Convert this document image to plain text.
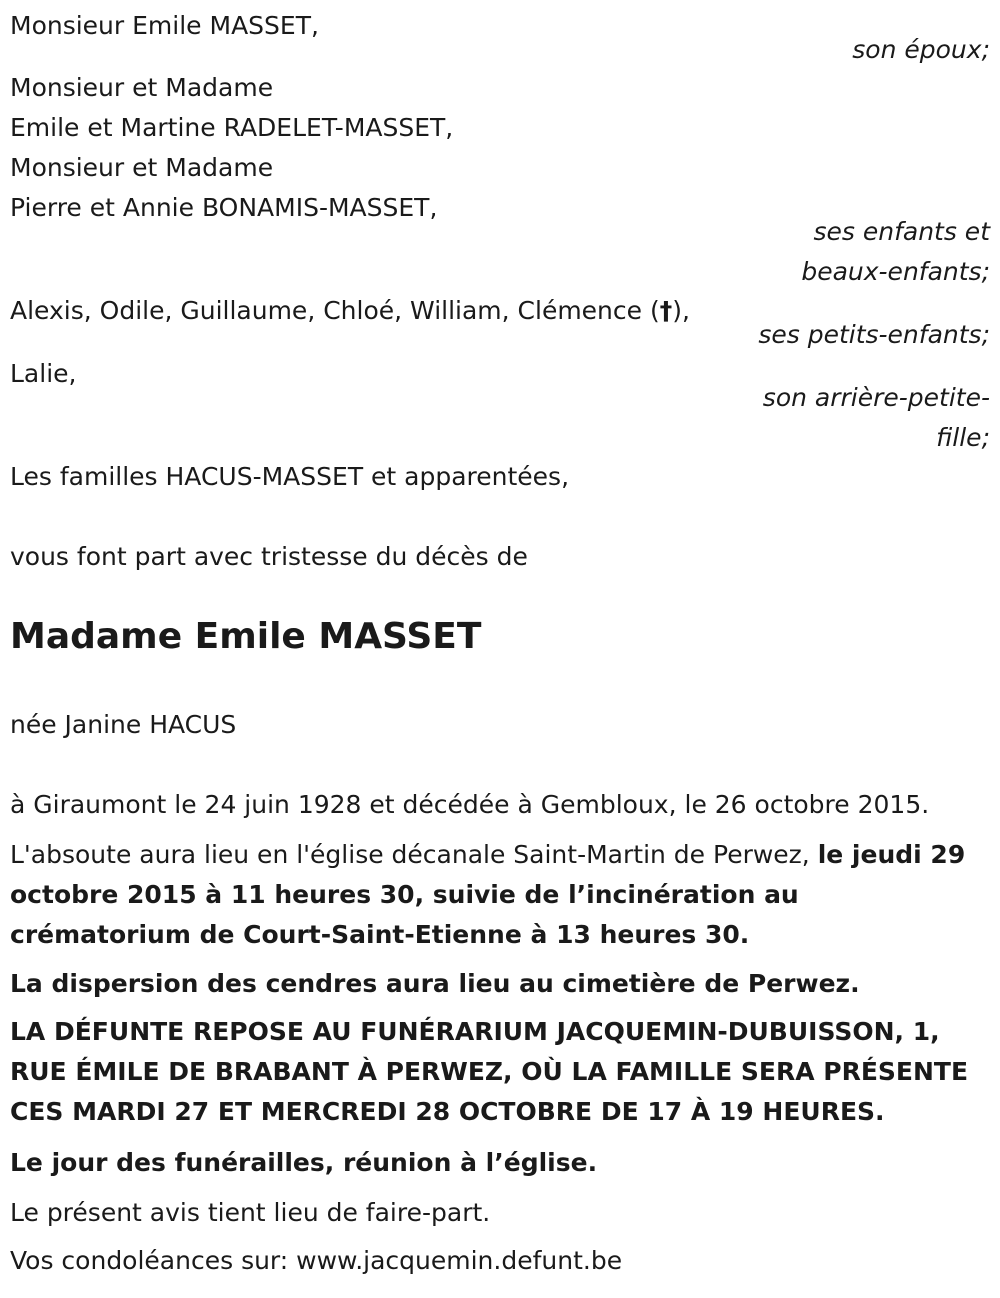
Monsieur Emile MASSET,
son époux;
Monsieur et Madame
Emile et Martine RADELET-MASSET,
Monsieur et Madame
Pierre et Annie BONAMIS-MASSET,
ses enfants et
beaux-enfants;
Alexis, Odile, Guillaume, Chloé, William, Clémence (†),
ses petits-enfants;
Lalie,
son arrière-petite-
fille;
Les familles HACUS-MASSET et apparentées,
vous font part avec tristesse du décès de
Madame Emile MASSET
née Janine HACUS
à Giraumont le 24 juin 1928 et décédée à Gembloux, le 26 octobre 2015.
L'absoute aura lieu en l'église décanale Saint-Martin de Perwez, le jeudi 29 octobre 2015 à 11 heures 30, suivie de l’incinération au crématorium de Court-Saint-Etienne à 13 heures 30.
La dispersion des cendres aura lieu au cimetière de Perwez.
LA DÉFUNTE REPOSE AU FUNÉRARIUM JACQUEMIN-DUBUISSON, 1, RUE ÉMILE DE BRABANT À PERWEZ, OÙ LA FAMILLE SERA PRÉSENTE CES MARDI 27 ET MERCREDI 28 OCTOBRE DE 17 À 19 HEURES.
Le jour des funérailles, réunion à l’église.
Le présent avis tient lieu de faire-part.
Vos condoléances sur: www.jacquemin.defunt.be
